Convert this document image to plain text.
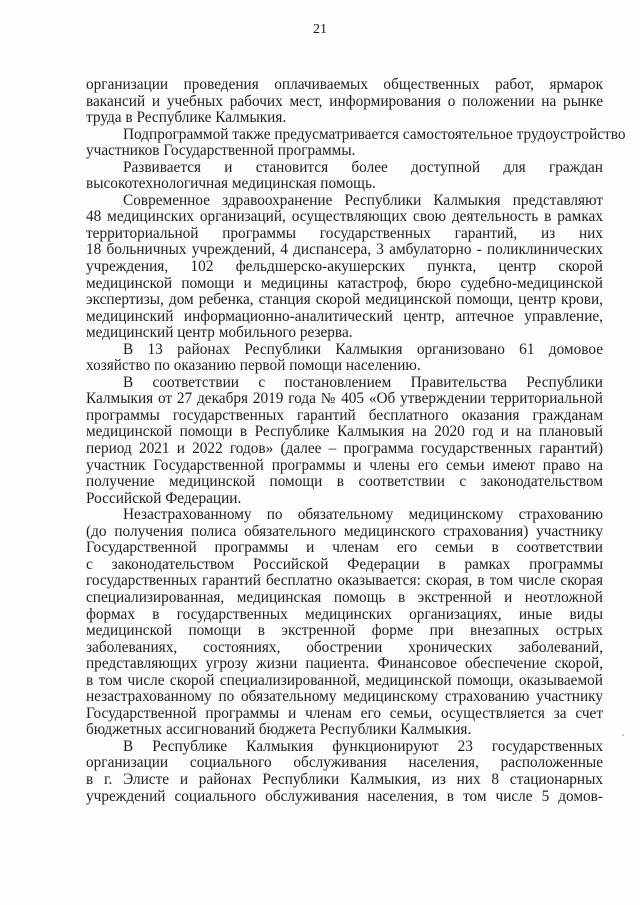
21
организации проведения оплачиваемых общественных работ, ярмарок
вакансий и учебных рабочих мест, информирования о положении на рынке
труда в Республике Калмыкия.
Подпрограммой также предусматривается самостоятельное трудоустройство
участников Государственной программы.
Развивается и становится более доступной для граждан
высокотехнологичная медицинская помощь.
Современное здравоохранение Республики Калмыкия представляют
48 медицинских организаций, осуществляющих свою деятельность в рамках
территориальной программы государственных гарантий, из них
18 больничных учреждений, 4 диспансера, 3 амбулаторно - поликлинических
учреждения, 102 фельдшерско-акушерских пункта, центр скорой
медицинской помощи и медицины катастроф, бюро судебно-медицинской
экспертизы, дом ребенка, станция скорой медицинской помощи, центр крови,
медицинский информационно-аналитический центр, аптечное управление,
медицинский центр мобильного резерва.
В 13 районах Республики Калмыкия организовано 61 домовое
хозяйство по оказанию первой помощи населению.
В соответствии с постановлением Правительства Республики
Калмыкия от 27 декабря 2019 года № 405 «Об утверждении территориальной
программы государственных гарантий бесплатного оказания гражданам
медицинской помощи в Республике Калмыкия на 2020 год и на плановый
период 2021 и 2022 годов» (далее – программа государственных гарантий)
участник Государственной программы и члены его семьи имеют право на
получение медицинской помощи в соответствии с законодательством
Российской Федерации.
Незастрахованному по обязательному медицинскому страхованию
(до получения полиса обязательного медицинского страхования) участнику
Государственной программы и членам его семьи в соответствии
с законодательством Российской Федерации в рамках программы
государственных гарантий бесплатно оказывается: скорая, в том числе скорая
специализированная, медицинская помощь в экстренной и неотложной
формах в государственных медицинских организациях, иные виды
медицинской помощи в экстренной форме при внезапных острых
заболеваниях, состояниях, обострении хронических заболеваний,
представляющих угрозу жизни пациента. Финансовое обеспечение скорой,
в том числе скорой специализированной, медицинской помощи, оказываемой
незастрахованному по обязательному медицинскому страхованию участнику
Государственной программы и членам его семьи, осуществляется за счет
бюджетных ассигнований бюджета Республики Калмыкия.
В Республике Калмыкия функционируют 23 государственных
организации социального обслуживания населения, расположенные
в г. Элисте и районах Республики Калмыкия, из них 8 стационарных
учреждений социального обслуживания населения, в том числе 5 домов-
